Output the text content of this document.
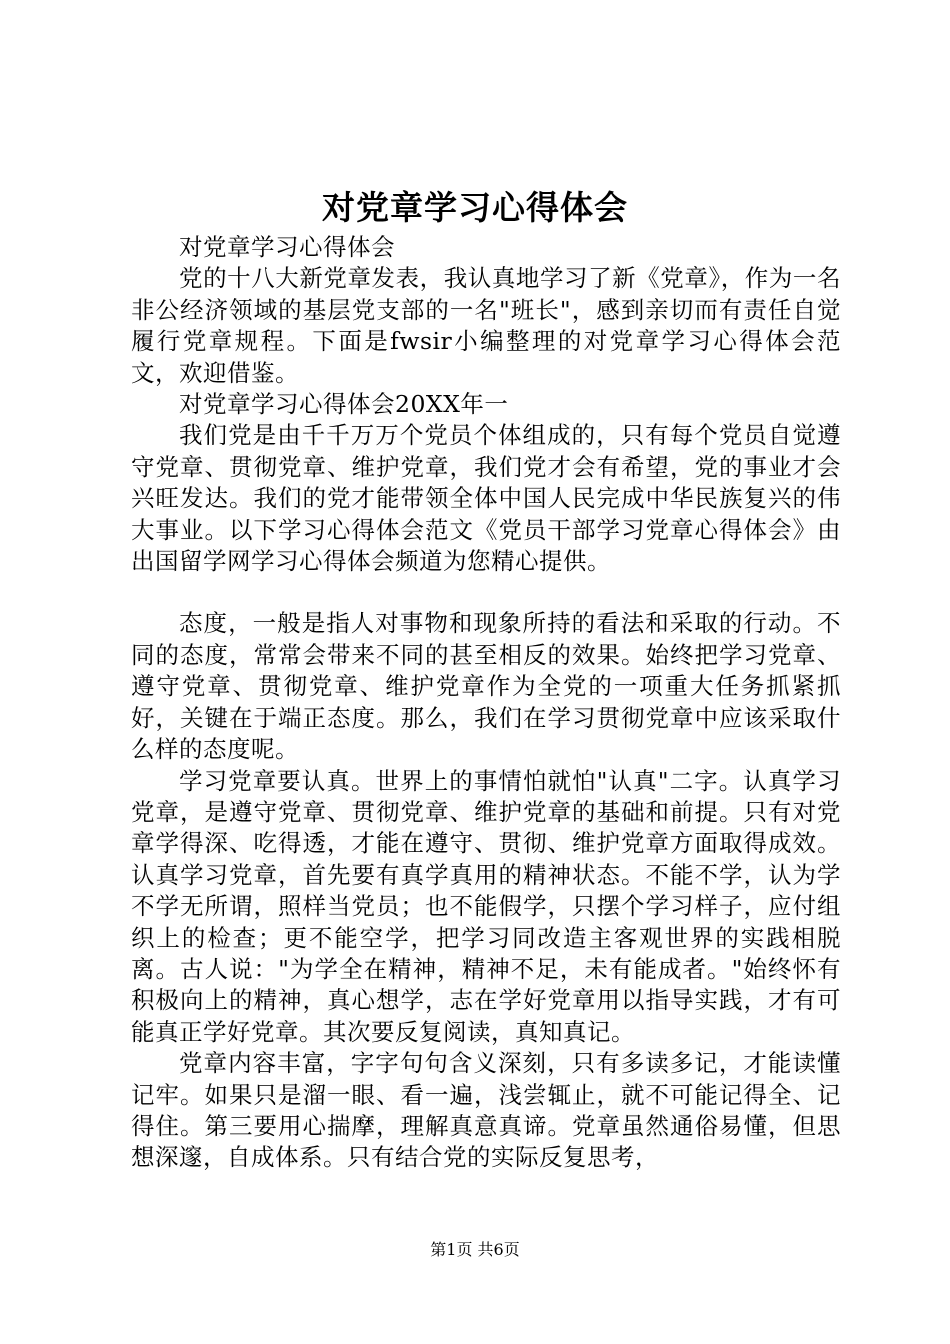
对党章学习心得体会

对党章学习心得体会

党的十八大新党章发表，我认真地学习了新《党章》，作为一名非公经济领域的基层党支部的一名"班长"，感到亲切而有责任自觉履行党章规程。下面是fwsir小编整理的对党章学习心得体会范文，欢迎借鉴。

对党章学习心得体会20XX年一

我们党是由千千万万个党员个体组成的，只有每个党员自觉遵守党章、贯彻党章、维护党章，我们党才会有希望，党的事业才会兴旺发达。我们的党才能带领全体中国人民完成中华民族复兴的伟大事业。以下学习心得体会范文《党员干部学习党章心得体会》由出国留学网学习心得体会频道为您精心提供。

态度，一般是指人对事物和现象所持的看法和采取的行动。不同的态度，常常会带来不同的甚至相反的效果。始终把学习党章、遵守党章、贯彻党章、维护党章作为全党的一项重大任务抓紧抓好，关键在于端正态度。那么，我们在学习贯彻党章中应该采取什么样的态度呢。

学习党章要认真。世界上的事情怕就怕"认真"二字。认真学习党章，是遵守党章、贯彻党章、维护党章的基础和前提。只有对党章学得深、吃得透，才能在遵守、贯彻、维护党章方面取得成效。认真学习党章，首先要有真学真用的精神状态。不能不学，认为学不学无所谓，照样当党员；也不能假学，只摆个学习样子，应付组织上的检查；更不能空学，把学习同改造主客观世界的实践相脱离。古人说："为学全在精神，精神不足，未有能成者。"始终怀有积极向上的精神，真心想学，志在学好党章用以指导实践，才有可能真正学好党章。其次要反复阅读，真知真记。

党章内容丰富，字字句句含义深刻，只有多读多记，才能读懂记牢。如果只是溜一眼、看一遍，浅尝辄止，就不可能记得全、记得住。第三要用心揣摩，理解真意真谛。党章虽然通俗易懂，但思想深邃，自成体系。只有结合党的实际反复思考，

第1页 共6页
